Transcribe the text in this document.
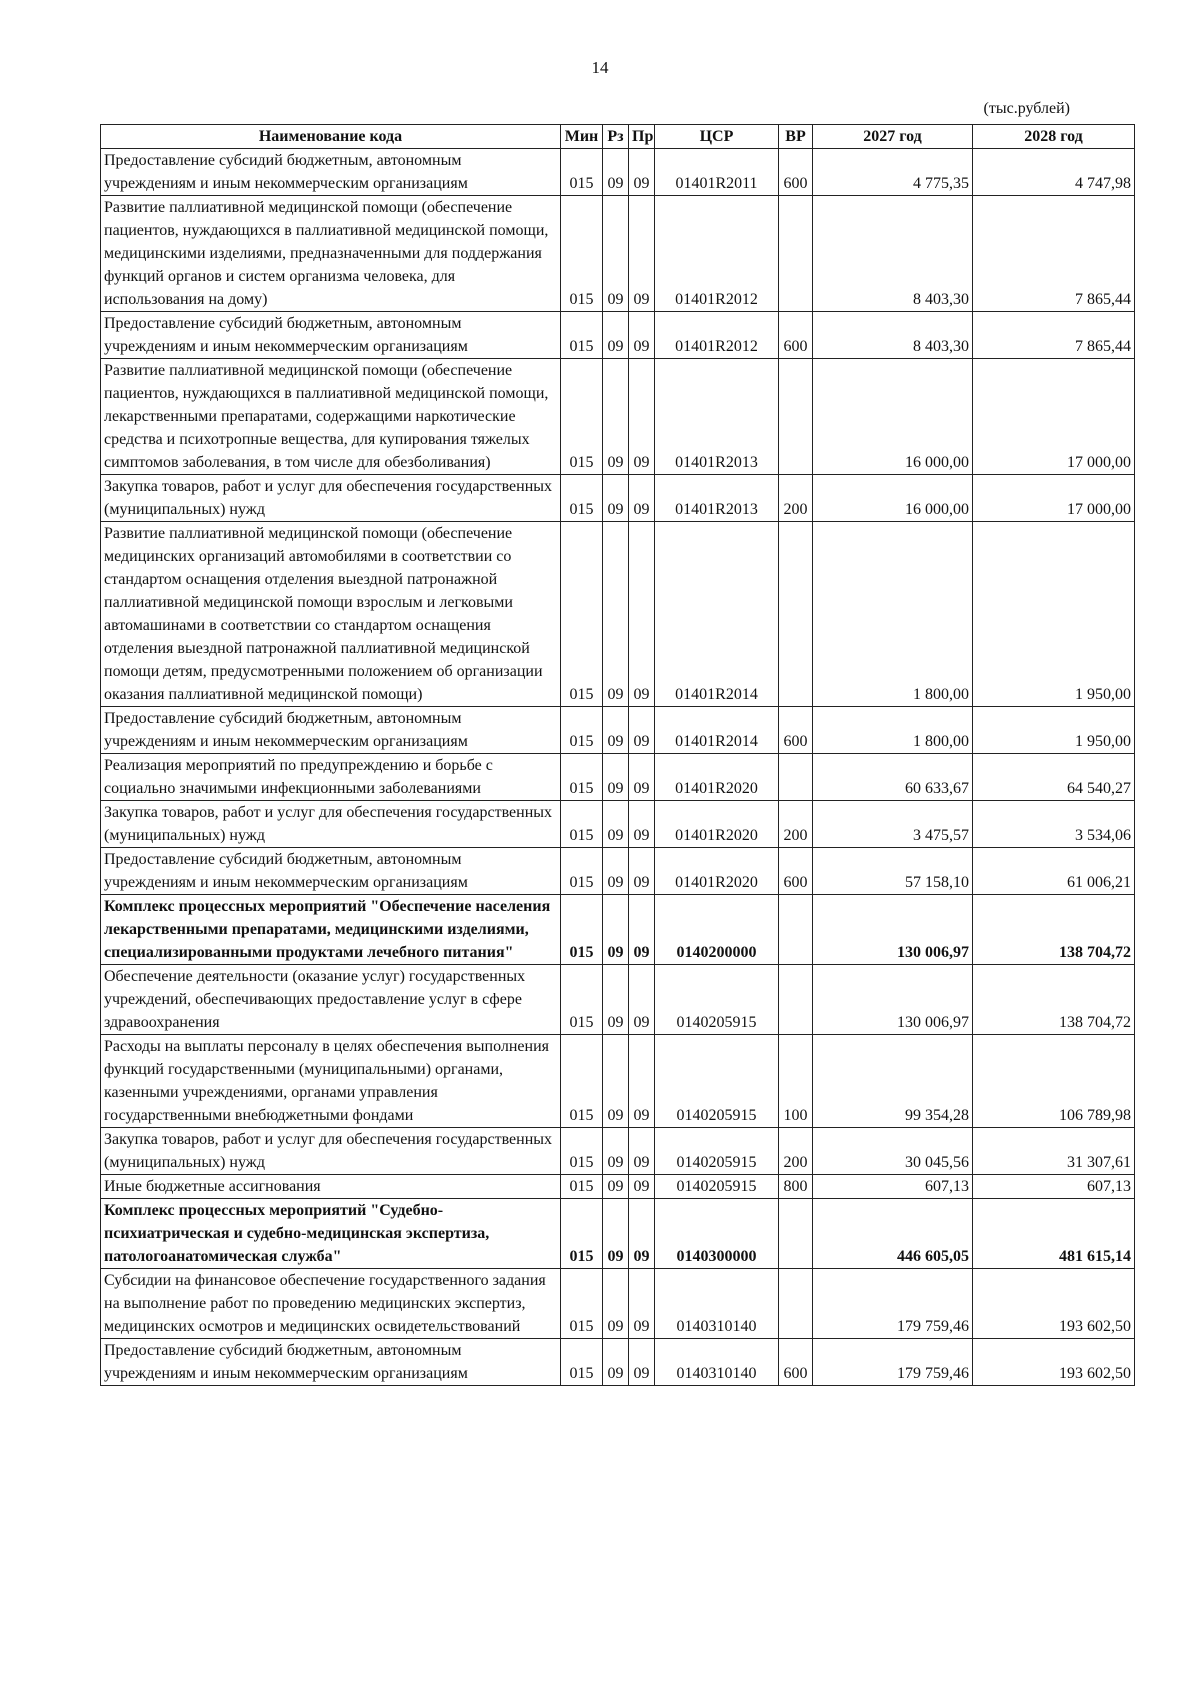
14
(тыс.рублей)
Наименование кода	Мин	Рз	Пр	ЦСР	ВР	2027 год	2028 год
Предоставление субсидий бюджетным, автономным учреждениям и иным некоммерческим организациям	015	09	09	01401R2011	600	4 775,35	4 747,98
Развитие паллиативной медицинской помощи (обеспечение пациентов, нуждающихся в паллиативной медицинской помощи, медицинскими изделиями, предназначенными для поддержания функций органов и систем организма человека, для использования на дому)	015	09	09	01401R2012		8 403,30	7 865,44
Предоставление субсидий бюджетным, автономным учреждениям и иным некоммерческим организациям	015	09	09	01401R2012	600	8 403,30	7 865,44
Развитие паллиативной медицинской помощи (обеспечение пациентов, нуждающихся в паллиативной медицинской помощи, лекарственными препаратами, содержащими наркотические средства и психотропные вещества, для купирования тяжелых симптомов заболевания, в том числе для обезболивания)	015	09	09	01401R2013		16 000,00	17 000,00
Закупка товаров, работ и услуг для обеспечения государственных (муниципальных) нужд	015	09	09	01401R2013	200	16 000,00	17 000,00
Развитие паллиативной медицинской помощи (обеспечение медицинских организаций автомобилями в соответствии со стандартом оснащения отделения выездной патронажной паллиативной медицинской помощи взрослым и легковыми автомашинами в соответствии со стандартом оснащения отделения выездной патронажной паллиативной медицинской помощи детям, предусмотренными положением об организации оказания паллиативной медицинской помощи)	015	09	09	01401R2014		1 800,00	1 950,00
Предоставление субсидий бюджетным, автономным учреждениям и иным некоммерческим организациям	015	09	09	01401R2014	600	1 800,00	1 950,00
Реализация мероприятий по предупреждению и борьбе с социально значимыми инфекционными заболеваниями	015	09	09	01401R2020		60 633,67	64 540,27
Закупка товаров, работ и услуг для обеспечения государственных (муниципальных) нужд	015	09	09	01401R2020	200	3 475,57	3 534,06
Предоставление субсидий бюджетным, автономным учреждениям и иным некоммерческим организациям	015	09	09	01401R2020	600	57 158,10	61 006,21
Комплекс процессных мероприятий "Обеспечение населения лекарственными препаратами, медицинскими изделиями, специализированными продуктами лечебного питания"	015	09	09	0140200000		130 006,97	138 704,72
Обеспечение деятельности (оказание услуг) государственных учреждений, обеспечивающих предоставление услуг в сфере здравоохранения	015	09	09	0140205915		130 006,97	138 704,72
Расходы на выплаты персоналу в целях обеспечения выполнения функций государственными (муниципальными) органами, казенными учреждениями, органами управления государственными внебюджетными фондами	015	09	09	0140205915	100	99 354,28	106 789,98
Закупка товаров, работ и услуг для обеспечения государственных (муниципальных) нужд	015	09	09	0140205915	200	30 045,56	31 307,61
Иные бюджетные ассигнования	015	09	09	0140205915	800	607,13	607,13
Комплекс процессных мероприятий "Судебно-психиатрическая и судебно-медицинская экспертиза, патологоанатомическая служба"	015	09	09	0140300000		446 605,05	481 615,14
Субсидии на финансовое обеспечение государственного задания на выполнение работ по проведению медицинских экспертиз, медицинских осмотров и медицинских освидетельствований	015	09	09	0140310140		179 759,46	193 602,50
Предоставление субсидий бюджетным, автономным учреждениям и иным некоммерческим организациям	015	09	09	0140310140	600	179 759,46	193 602,50
